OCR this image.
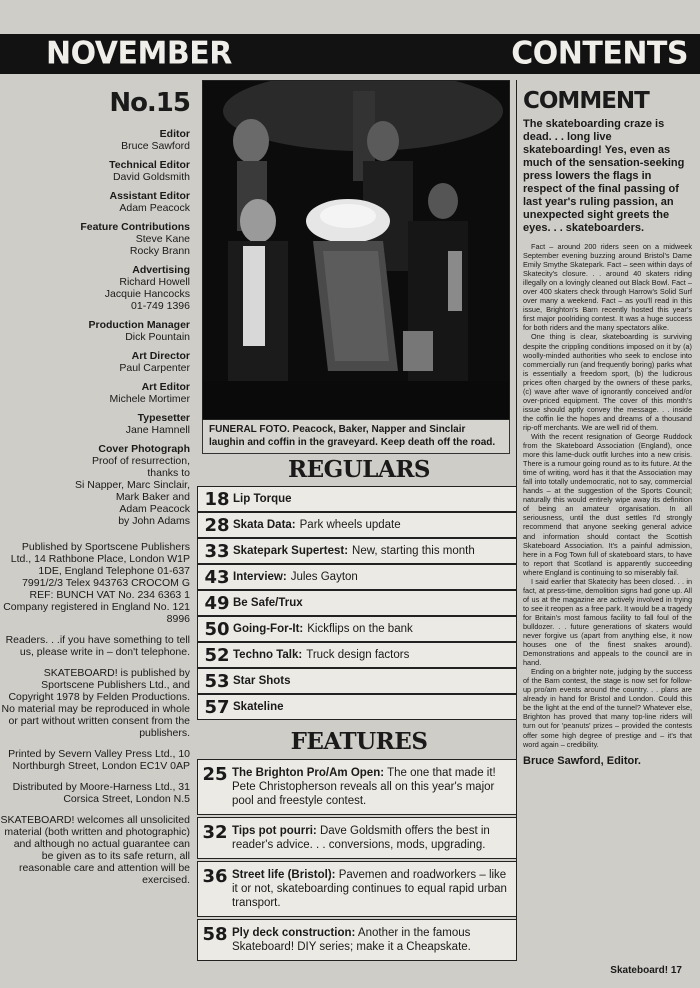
NOVEMBER	CONTENTS
No.15
Editor
Bruce Sawford
Technical Editor
David Goldsmith
Assistant Editor
Adam Peacock
Feature Contributions
Steve Kane
Rocky Brann
Advertising
Richard Howell
Jacquie Hancocks
01-749 1396
Production Manager
Dick Pountain
Art Director
Paul Carpenter
Art Editor
Michele Mortimer
Typesetter
Jane Hamnell
Cover Photograph
Proof of resurrection,
thanks to
Si Napper, Marc Sinclair,
Mark Baker and
Adam Peacock
by John Adams
Published by Sportscene Publishers Ltd., 14 Rathbone Place, London W1P 1DE, England Telephone 01-637 7991/2/3 Telex 943763 CROCOM G REF: BUNCH VAT No. 234 6363 1 Company registered in England No. 121 8996
Readers. . .if you have something to tell us, please write in – don't telephone.
SKATEBOARD! is published by Sportscene Publishers Ltd., and Copyright 1978 by Felden Productions. No material may be reproduced in whole or part without written consent from the publishers.
Printed by Severn Valley Press Ltd., 10 Northburgh Street, London EC1V 0AP
Distributed by Moore-Harness Ltd., 31 Corsica Street, London N.5
SKATEBOARD! welcomes all unsolicited material (both written and photographic) and although no actual guarantee can be given as to its safe return, all reasonable care and attention will be exercised.
FUNERAL FOTO. Peacock, Baker, Napper and Sinclair laughin and coffin in the graveyard. Keep death off the road.
REGULARS
18 Lip Torque
28 Skata Data: Park wheels update
33 Skatepark Supertest: New, starting this month
43 Interview: Jules Gayton
49 Be Safe/Trux
50 Going-For-It: Kickflips on the bank
52 Techno Talk: Truck design factors
53 Star Shots
57 Skateline
FEATURES
25 The Brighton Pro/Am Open: The one that made it! Pete Christopherson reveals all on this year's major pool and freestyle contest.
32 Tips pot pourri: Dave Goldsmith offers the best in reader's advice. . . conversions, mods, upgrading.
36 Street life (Bristol): Pavemen and roadworkers – like it or not, skateboarding continues to equal rapid urban transport.
58 Ply deck construction: Another in the famous Skateboard! DIY series; make it a Cheapskate.
COMMENT
The skateboarding craze is dead. . . long live skateboarding! Yes, even as much of the sensation-seeking press lowers the flags in respect of the final passing of last year's ruling passion, an unexpected sight greets the eyes. . . skateboarders.

Fact – around 200 riders seen on a midweek September evening buzzing around Bristol's Dame Emily Smythe Skatepark. Fact – seen within days of Skatecity's closure. . . around 40 skaters riding illegally on a lovingly cleaned out Black Bowl. Fact – over 400 skaters check through Harrow's Solid Surf over many a weekend. Fact – as you'll read in this issue, Brighton's Barn recently hosted this year's first major poolriding contest. It was a huge success for both riders and the many spectators alike.

One thing is clear, skateboarding is surviving despite the crippling conditions imposed on it by (a) woolly-minded authorities who seek to enclose into commercially run (and frequently boring) parks what is essentially a freedom sport, (b) the ludicrous prices often charged by the owners of these parks, (c) wave after wave of ignorantly conceived and/or over-priced equipment. The cover of this month's issue should aptly convey the message. . . inside the coffin lie the hopes and dreams of a thousand rip-off merchants. We are well rid of them.

With the recent resignation of George Ruddock from the Skateboard Association (England), once more this lame-duck outfit lurches into a new crisis. There is a rumour going round as to its future. At the time of writing, word has it that the Association may fall into totally undemocratic, not to say, commercial hands – at the suggestion of the Sports Council; naturally this would entirely wipe away its definition of being an amateur organisation. In all seriousness, until the dust settles I'd strongly recommend that anyone seeking general advice and information should contact the Scottish Skateboard Association. It's a painful admission, here in a Fog Town full of skateboard stars, to have to report that Scotland is apparently succeeding where England is continuing to so miserably fail.

I said earlier that Skatecity has been closed. . . in fact, at press-time, demolition signs had gone up. All of us at the magazine are actively involved in trying to see it reopen as a free park. It would be a tragedy for Britain's most famous facility to fall foul of the bulldozer. . . future generations of skaters would never forgive us (apart from anything else, it now houses one of the finest snakes around). Demonstrations and appeals to the council are in hand.

Ending on a brighter note, judging by the success of the Barn contest, the stage is now set for follow-up pro/am events around the country. . . plans are already in hand for Bristol and London. Could this be the light at the end of the tunnel? Whatever else, Brighton has proved that many top-line riders will turn out for 'peanuts' prizes – provided the contests offer some high degree of prestige and – it's that word again – credibility.

Bruce Sawford, Editor.
Skateboard! 17
